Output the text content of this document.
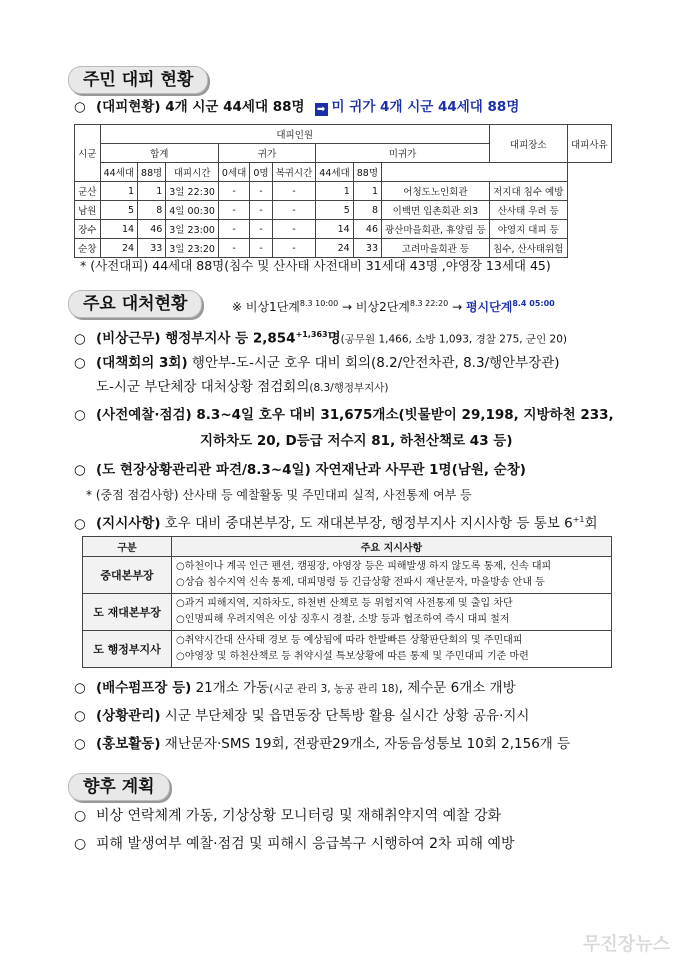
주민 대피 현황
○ (대피현황) 4개 시군 44세대 88명 ➡ 미 귀가 4개 시군 44세대 88명
시군	대피인원									대피장소	대피사유
	합계			귀가			미귀가				
	44세대	88명	대피시간	0세대	0명	복귀시간	44세대	88명			
군산	1	1	3일 22:30	-	-	-	1	1	어청도노인회관	저지대 침수 예방	
남원	5	8	4일 00:30	-	-	-	5	8	이백면 입촌회관 외3	산사태 우려 등	
장수	14	46	3일 23:00	-	-	-	14	46	광산마을회관, 휴양림 등	야영지 대피 등	
순창	24	33	3일 23:20	-	-	-	24	33	고려마을회관 등	침수, 산사태위험	
* (사전대피) 44세대 88명(침수 및 산사태 사전대비 31세대 43명 ,야영장 13세대 45)
주요 대처현황	※ 비상1단계$^{8.3 10:00}$ → 비상2단계$^{8.3 22:20}$ → 평시단계$^{8.4 05:00}$
○ (비상근무) 행정부지사 등 $2,854^{+1,363}$명(공무원 1,466, 소방 1,093, 경찰 275, 군인 20)
○ (대책회의 3회) 행안부-도-시군 호우 대비 회의(8.2/안전차관, 8.3/행안부장관)
도-시군 부단체장 대처상황 점검회의(8.3/행정부지사)
○ (사전예찰·점검) 8.3~4일 호우 대비 31,675개소(빗물받이 29,198, 지방하천 233,
지하차도 20, D등급 저수지 81, 하천산책로 43 등)
○ (도 현장상황관리관 파견/8.3~4일) 자연재난과 사무관 1명(남원, 순창)
* (중점 점검사항) 산사태 등 예찰활동 및 주민대피 실적, 사전통제 여부 등
○ (지시사항) 호우 대비 중대본부장, 도 재대본부장, 행정부지사 지시사항 등 통보 $6^{+1}$회
구분	주요 지시사항
중대본부장	○하천이나 계곡 인근 펜션, 캠핑장, 야영장 등은 피해발생 하지 않도록 통제, 신속 대피
○상습 침수지역 신속 통제, 대피명령 등 긴급상황 전파시 재난문자, 마을방송 안내 등

도 재대본부장	○과거 피해지역, 지하차도, 하천변 산책로 등 위험지역 사전통제 및 출입 차단
○인명피해 우려지역은 이상 징후시 경찰, 소방 등과 협조하여 즉시 대피 철저

도 행정부지사	○취약시간대 산사태 경보 등 예상됨에 따라 한발빠른 상황판단회의 및 주민대피
○야영장 및 하천산책로 등 취약시설 특보상황에 따른 통제 및 주민대피 기준 마련
○ (배수펌프장 등) 21개소 가동(시군 관리 3, 농공 관리 18), 제수문 6개소 개방
○ (상황관리) 시군 부단체장 및 읍면동장 단톡방 활용 실시간 상황 공유·지시
○ (홍보활동) 재난문자·SMS 19회, 전광판29개소, 자동음성통보 10회 2,156개 등
향후 계획
○ 비상 연락체계 가동, 기상상황 모니터링 및 재해취약지역 예찰 강화
○ 피해 발생여부 예찰·점검 및 피해시 응급복구 시행하여 2차 피해 예방
무진장뉴스
